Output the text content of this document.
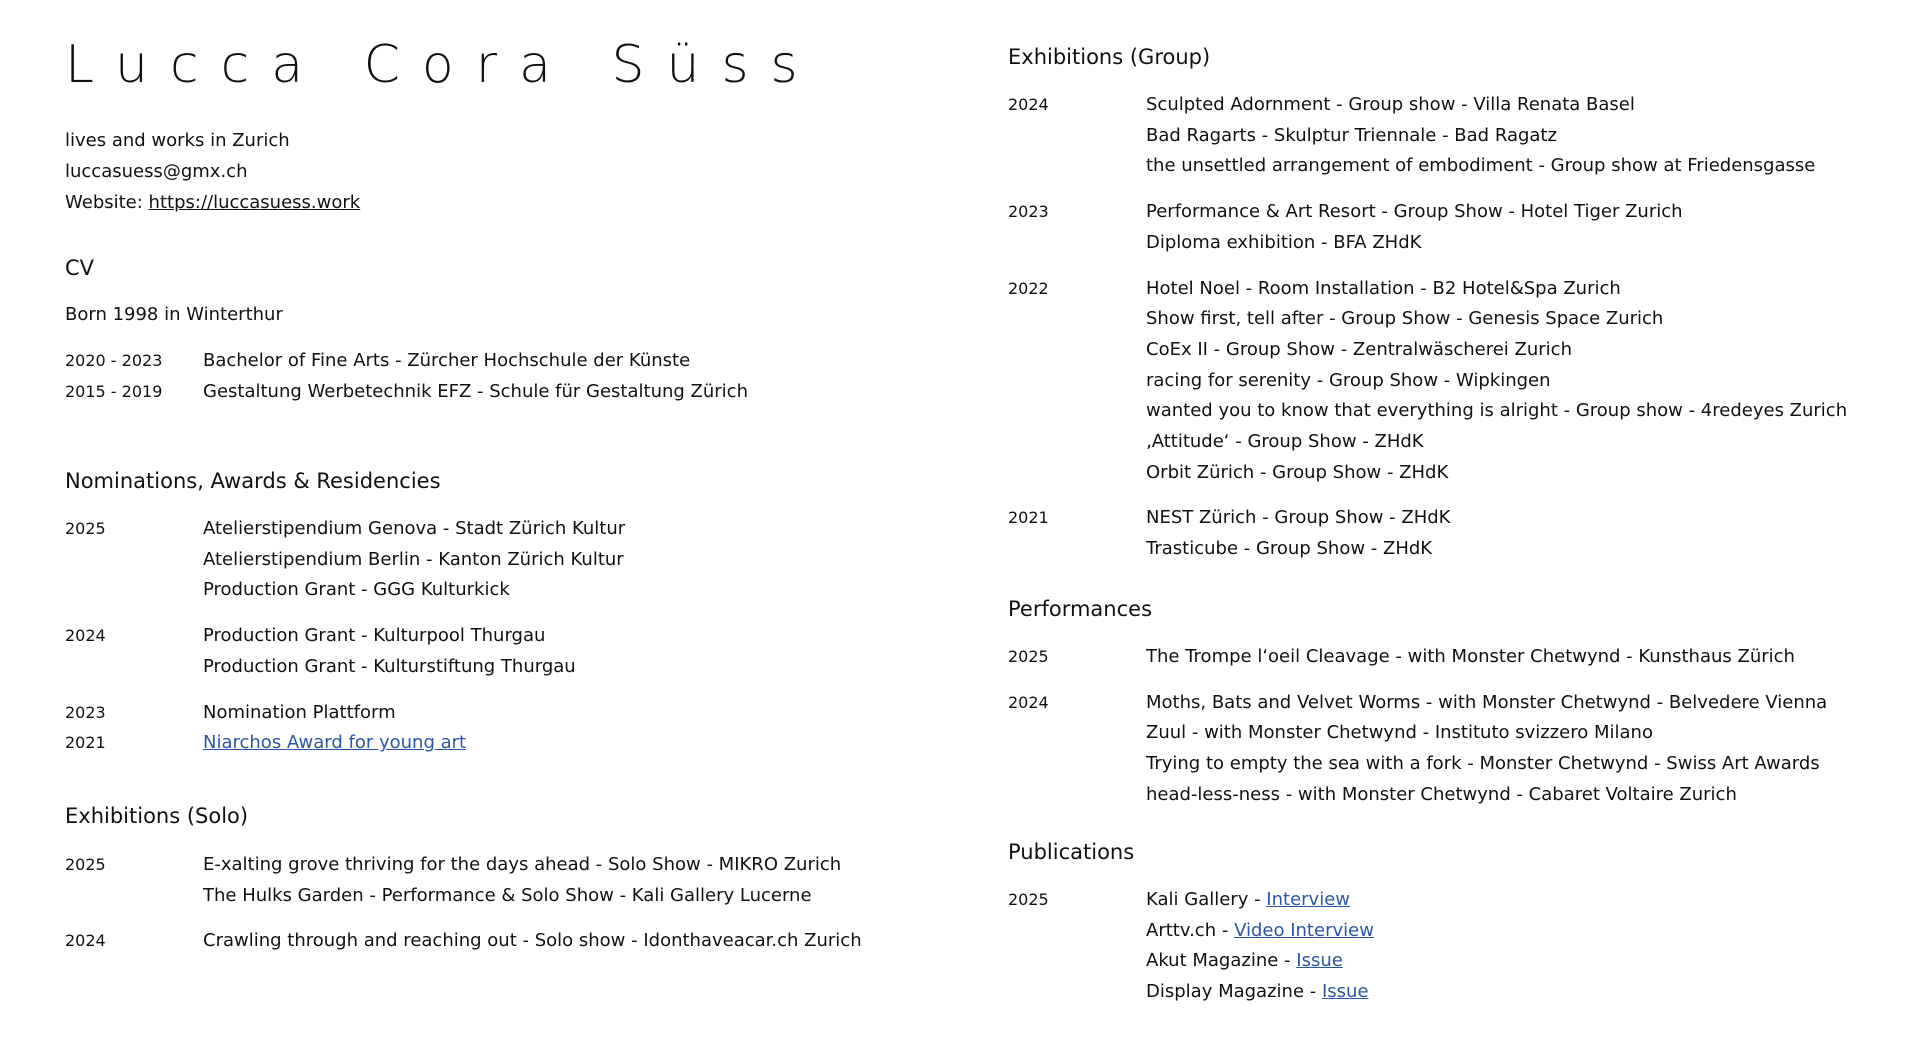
Lucca Cora Süss
lives and works in Zurich
luccasuess@gmx.ch
Website: https://luccasuess.work
CV
Born 1998 in Winterthur
2020 - 2023	Bachelor of Fine Arts - Zürcher Hochschule der Künste
2015 - 2019	Gestaltung Werbetechnik EFZ - Schule für Gestaltung Zürich
Nominations, Awards & Residencies
2025	Atelierstipendium Genova - Stadt Zürich Kultur
Atelierstipendium Berlin - Kanton Zürich Kultur
Production Grant - GGG Kulturkick
2024	Production Grant - Kulturpool Thurgau
Production Grant - Kulturstiftung Thurgau
2023	Nomination Plattform
2021	Niarchos Award for young art
Exhibitions (Solo)
2025	E-xalting grove thriving for the days ahead - Solo Show - MIKRO Zurich
The Hulks Garden - Performance & Solo Show - Kali Gallery Lucerne
2024	Crawling through and reaching out - Solo show - Idonthaveacar.ch Zurich
Exhibitions (Group)
2024	Sculpted Adornment - Group show - Villa Renata Basel
Bad Ragarts - Skulptur Triennale - Bad Ragatz
the unsettled arrangement of embodiment - Group show at Friedensgasse
2023	Performance & Art Resort - Group Show - Hotel Tiger Zurich
Diploma exhibition - BFA ZHdK
2022	Hotel Noel - Room Installation - B2 Hotel&Spa Zurich
Show first, tell after - Group Show - Genesis Space Zurich
CoEx II - Group Show - Zentralwäscherei Zurich
racing for serenity - Group Show - Wipkingen
wanted you to know that everything is alright - Group show - 4redeyes Zurich
‚Attitude‘ - Group Show - ZHdK
Orbit Zürich - Group Show - ZHdK
2021	NEST Zürich - Group Show - ZHdK
Trasticube - Group Show - ZHdK
Performances
2025	The Trompe l‘oeil Cleavage - with Monster Chetwynd - Kunsthaus Zürich
2024	Moths, Bats and Velvet Worms - with Monster Chetwynd - Belvedere Vienna
Zuul - with Monster Chetwynd - Instituto svizzero Milano
Trying to empty the sea with a fork - Monster Chetwynd - Swiss Art Awards
head-less-ness - with Monster Chetwynd - Cabaret Voltaire Zurich
Publications
2025	Kali Gallery - Interview
Arttv.ch - Video Interview
Akut Magazine - Issue
Display Magazine - Issue
